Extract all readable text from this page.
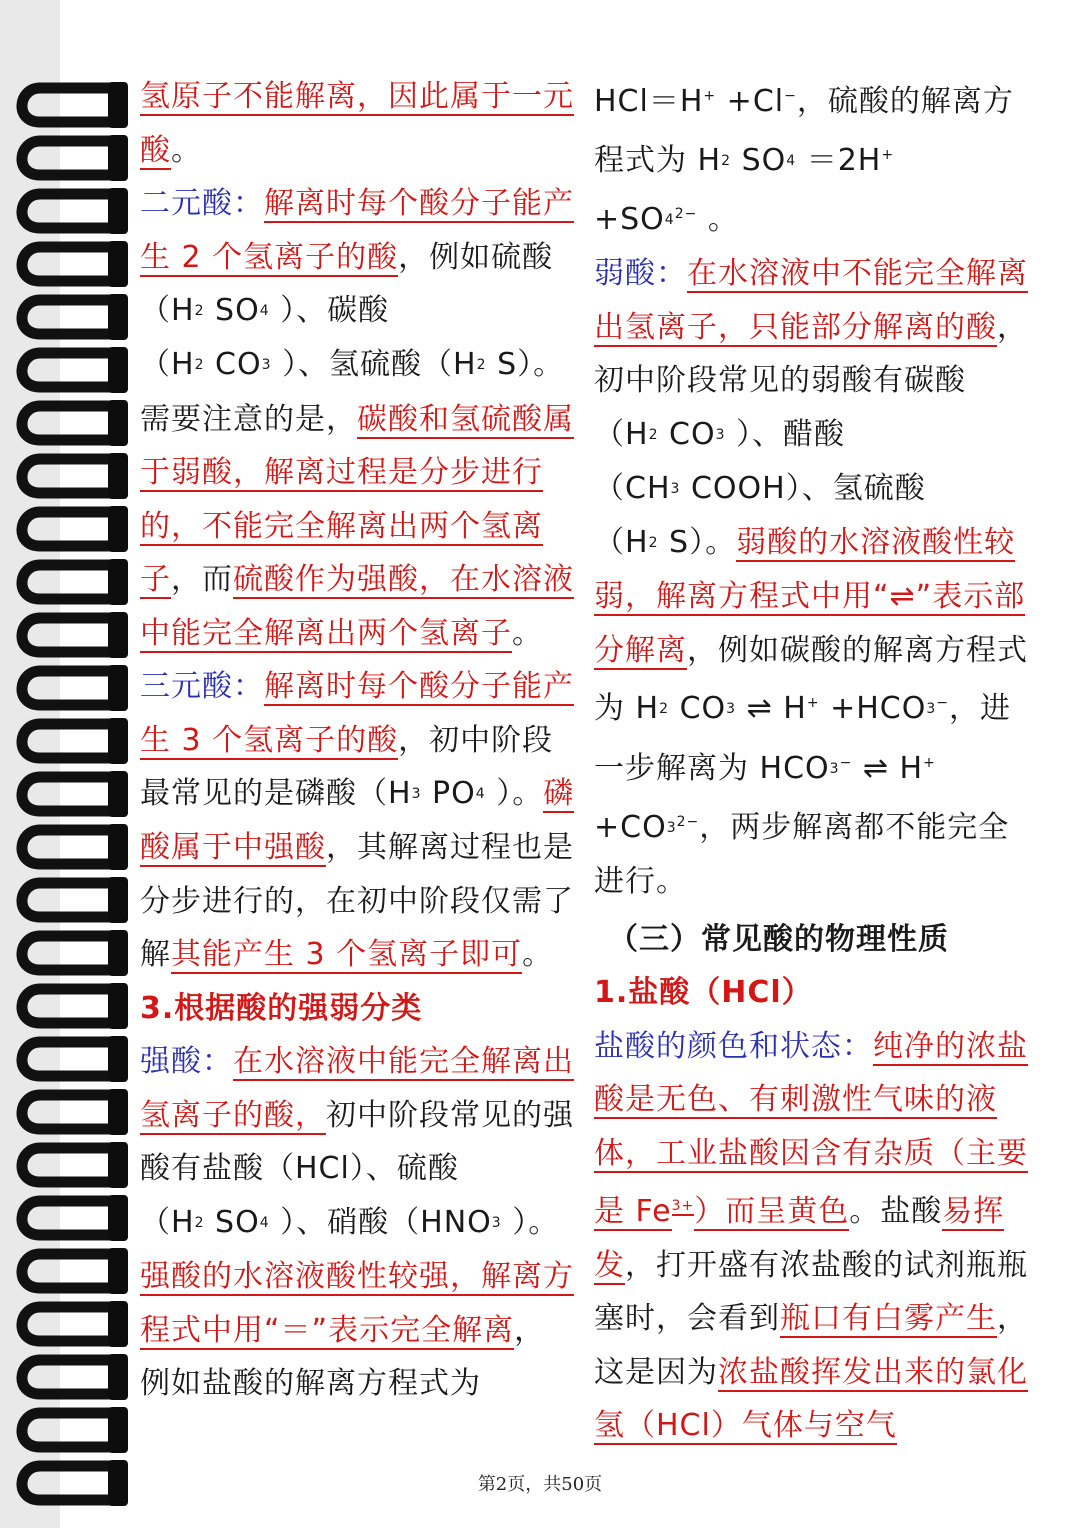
氢原子不能解离，因此属于一元酸。

二元酸：解离时每个酸分子能产生 2 个氢离子的酸，例如硫酸（H2 SO4 ）、碳酸（H2 CO3 ）、氢硫酸（H2 S）。需要注意的是，碳酸和氢硫酸属于弱酸，解离过程是分步进行的，不能完全解离出两个氢离子，而硫酸作为强酸，在水溶液中能完全解离出两个氢离子。

三元酸：解离时每个酸分子能产生 3 个氢离子的酸，初中阶段最常见的是磷酸（H3 PO4 ）。磷酸属于中强酸，其解离过程也是分步进行的，在初中阶段仅需了解其能产生 3 个氢离子即可。

3.根据酸的强弱分类

强酸：在水溶液中能完全解离出氢离子的酸，初中阶段常见的强酸有盐酸（HCl）、硫酸（H2 SO4 ）、硝酸（HNO3 ）。强酸的水溶液酸性较强，解离方程式中用“＝”表示完全解离，例如盐酸的解离方程式为

HCl＝H+ +Cl−，硫酸的解离方程式为 H2 $SO4 =2H^+ +SO4^{2-}$ 。

弱酸：在水溶液中不能完全解离出氢离子，只能部分解离的酸，初中阶段常见的弱酸有碳酸（H2 CO3 ）、醋酸（CH3 COOH）、氢硫酸（H2 S）。弱酸的水溶液酸性较弱，解离方程式中用“⇌”表示部分解离，例如碳酸的解离方程式为 H2 CO3 ⇌ H+ +HCO3−，进一步解离为 HCO3− ⇌ $H^+ +CO3^{2-}$，两步解离都不能完全进行。

（三）常见酸的物理性质

1.盐酸（HCl）

盐酸的颜色和状态：纯净的浓盐酸是无色、有刺激性气味的液体，工业盐酸因含有杂质（主要是 $Fe^{3+}$）而呈黄色。盐酸易挥发，打开盛有浓盐酸的试剂瓶瓶塞时，会看到瓶口有白雾产生，这是因为浓盐酸挥发出来的氯化氢（HCl）气体与空气

第2页，共50页
